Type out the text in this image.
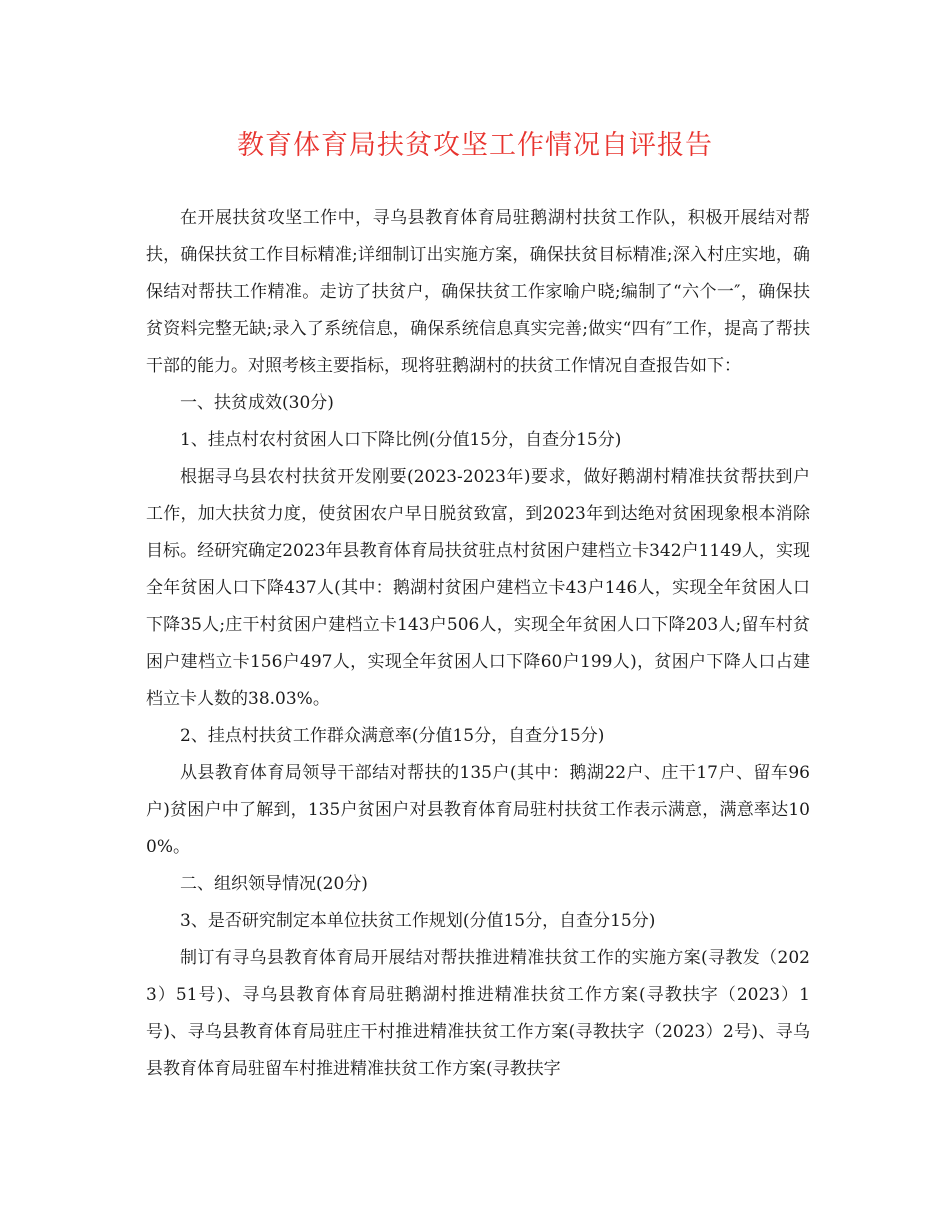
教育体育局扶贫攻坚工作情况自评报告

在开展扶贫攻坚工作中，寻乌县教育体育局驻鹅湖村扶贫工作队，积极开展结对帮扶，确保扶贫工作目标精准;详细制订出实施方案，确保扶贫目标精准;深入村庄实地，确保结对帮扶工作精准。走访了扶贫户，确保扶贫工作家喻户晓;编制了“六个一″，确保扶贫资料完整无缺;录入了系统信息，确保系统信息真实完善;做实“四有″工作，提高了帮扶干部的能力。对照考核主要指标，现将驻鹅湖村的扶贫工作情况自查报告如下：

一、扶贫成效(30分)

1、挂点村农村贫困人口下降比例(分值15分，自查分15分)

根据寻乌县农村扶贫开发刚要(2023-2023年)要求，做好鹅湖村精准扶贫帮扶到户工作，加大扶贫力度，使贫困农户早日脱贫致富，到2023年到达绝对贫困现象根本消除目标。经研究确定2023年县教育体育局扶贫驻点村贫困户建档立卡342户1149人，实现全年贫困人口下降437人(其中：鹅湖村贫困户建档立卡43户146人，实现全年贫困人口下降35人;庄干村贫困户建档立卡143户506人，实现全年贫困人口下降203人;留车村贫困户建档立卡156户497人，实现全年贫困人口下降60户199人)，贫困户下降人口占建档立卡人数的38.03%。

2、挂点村扶贫工作群众满意率(分值15分，自查分15分)

从县教育体育局领导干部结对帮扶的135户(其中：鹅湖22户、庄干17户、留车96户)贫困户中了解到，135户贫困户对县教育体育局驻村扶贫工作表示满意，满意率达100%。

二、组织领导情况(20分)

3、是否研究制定本单位扶贫工作规划(分值15分，自查分15分)

制订有寻乌县教育体育局开展结对帮扶推进精准扶贫工作的实施方案(寻教发（2023）51号)、寻乌县教育体育局驻鹅湖村推进精准扶贫工作方案(寻教扶字（2023）1号)、寻乌县教育体育局驻庄干村推进精准扶贫工作方案(寻教扶字（2023）2号)、寻乌县教育体育局驻留车村推进精准扶贫工作方案(寻教扶字
